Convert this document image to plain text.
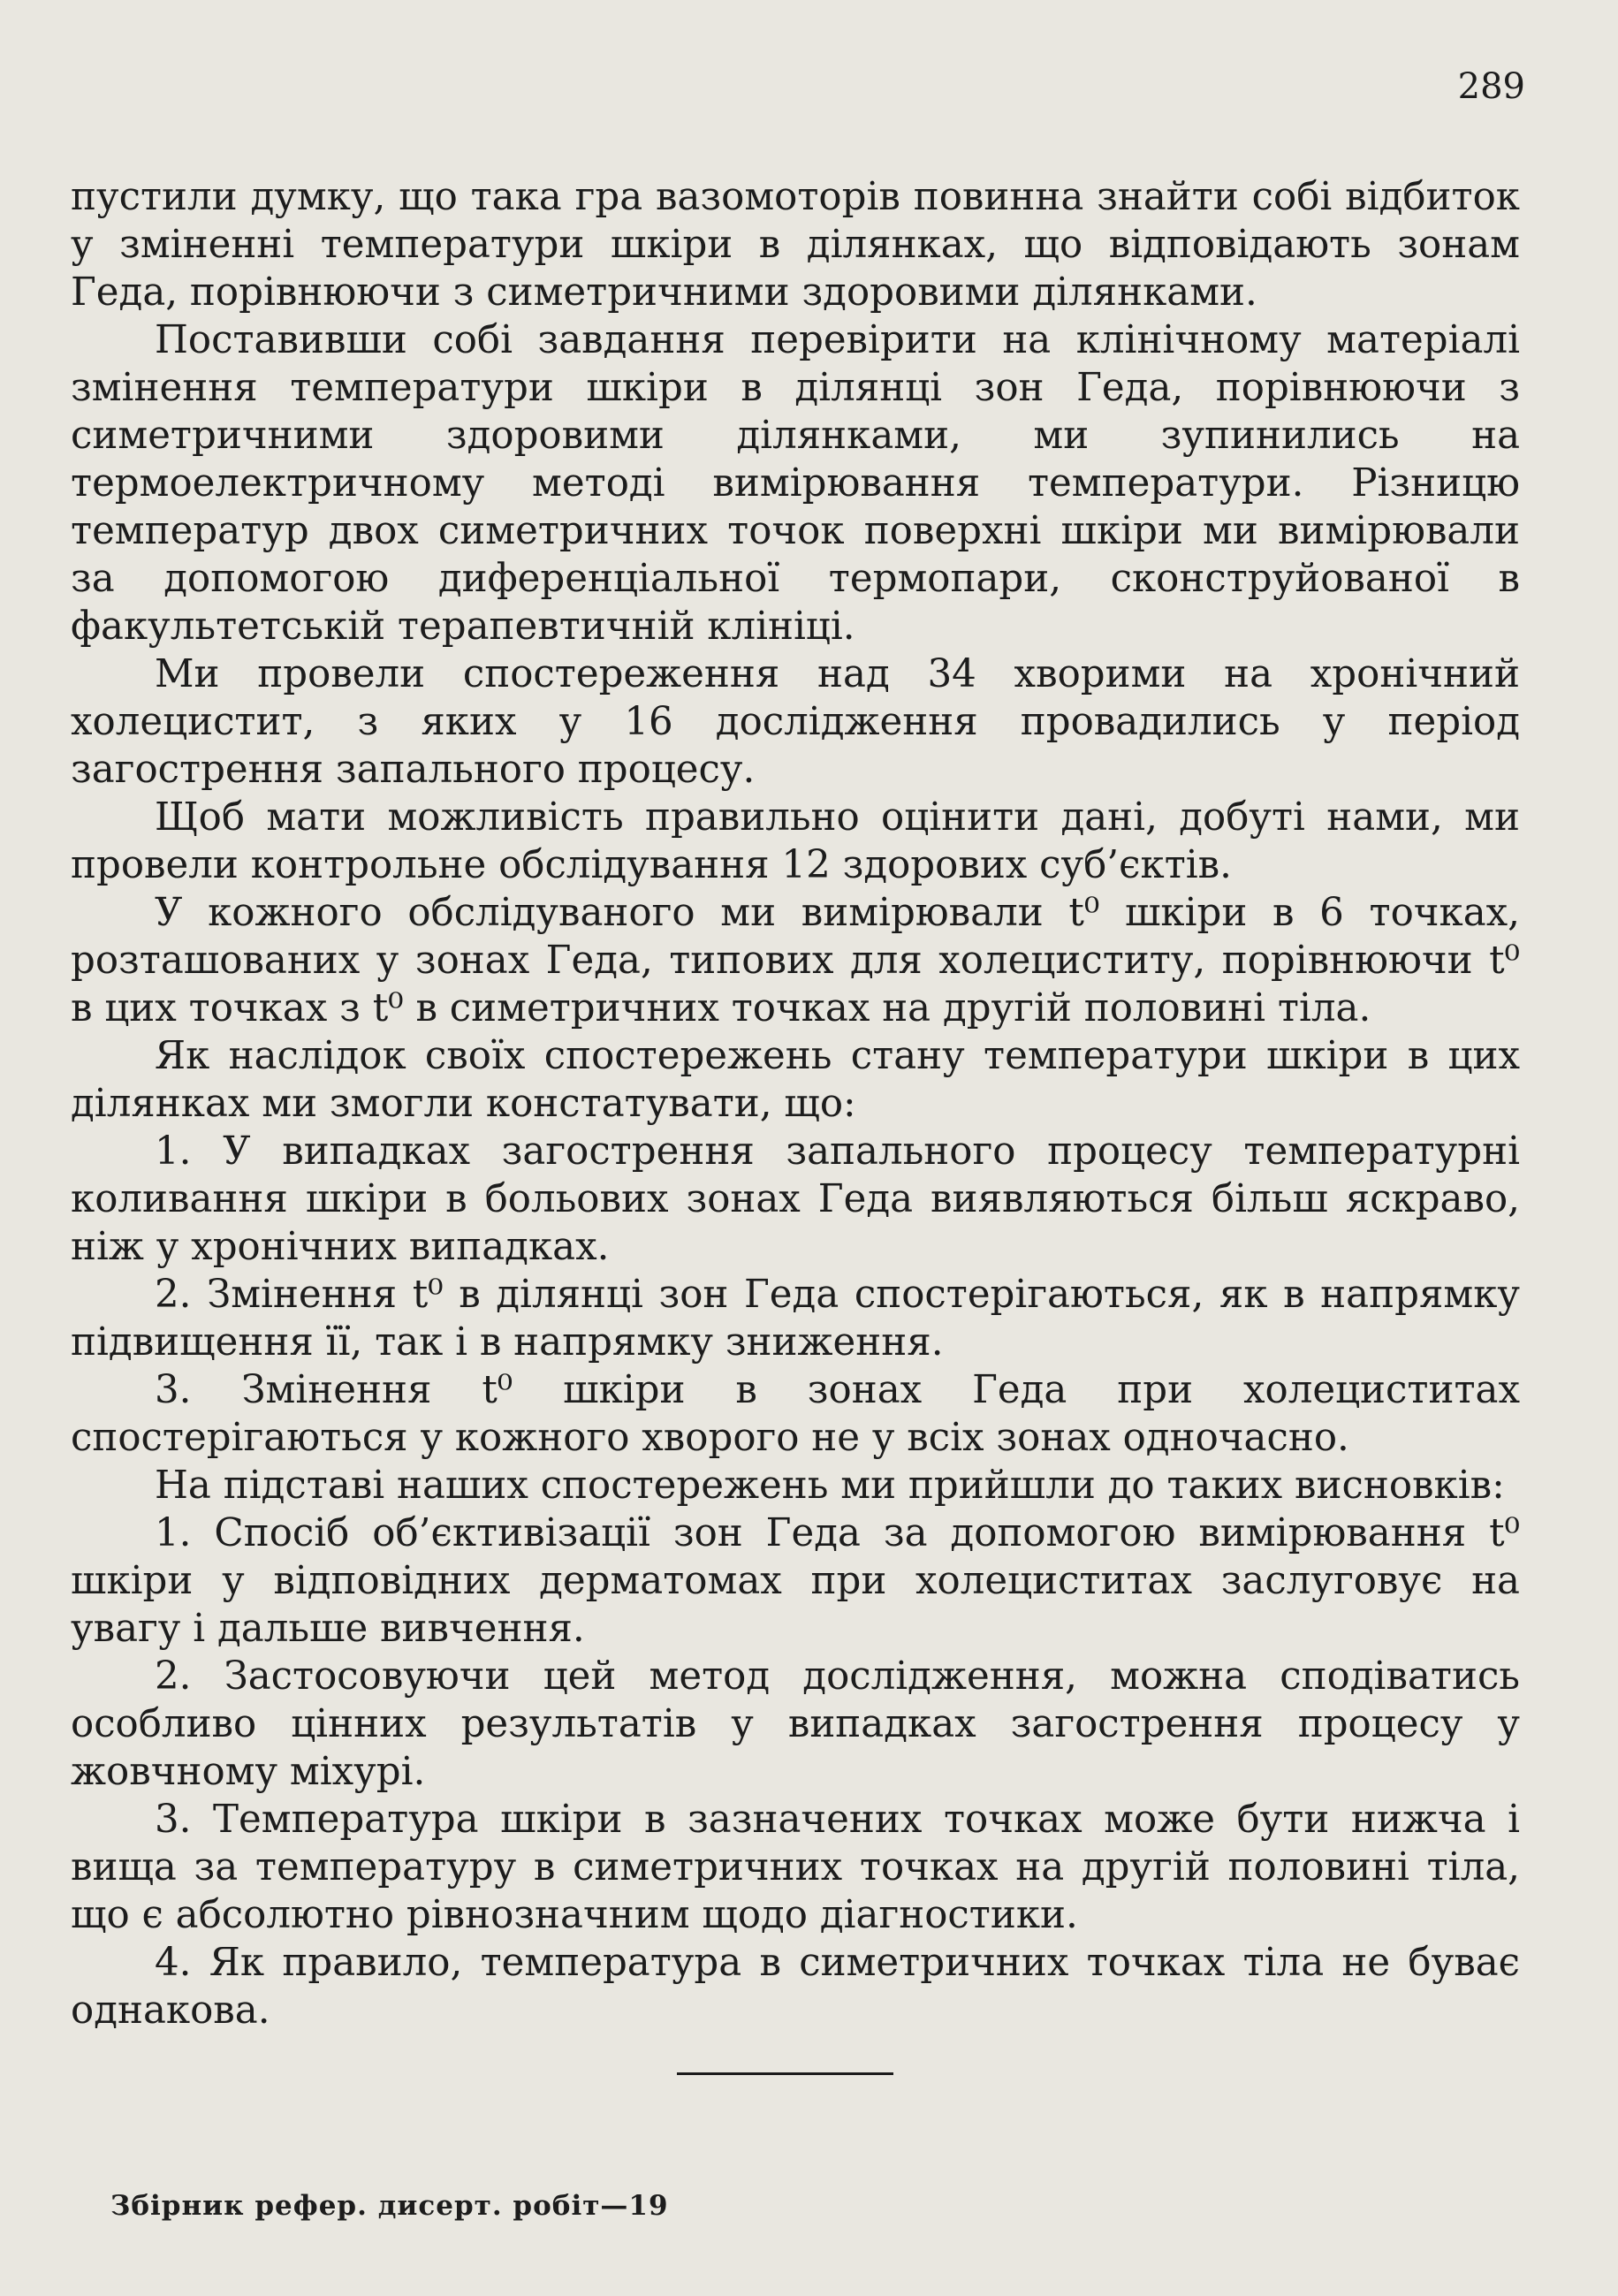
289

пустили думку, що така гра вазомоторів повинна знайти собі відбиток у зміненні температури шкіри в ділянках, що відповідають зонам Геда, порівнюючи з симетричними здоровими ділянками.

Поставивши собі завдання перевірити на клінічному матеріалі змінення температури шкіри в ділянці зон Геда, порівнюючи з симетричними здоровими ділянками, ми зупинились на термоелектричному методі вимірювання температури. Різницю температур двох симетричних точок поверхні шкіри ми вимірювали за допомогою диференціальної термопари, сконструйованої в факультетській терапевтичній клініці.

Ми провели спостереження над 34 хворими на хронічний холецистит, з яких у 16 дослідження провадились у період загострення запального процесу.

Щоб мати можливість правильно оцінити дані, добуті нами, ми провели контрольне обслідування 12 здорових суб’єктів.

У кожного обслідуваного ми вимірювали t⁰ шкіри в 6 точках, розташованих у зонах Геда, типових для холециститу, порівнюючи t⁰ в цих точках з t⁰ в симетричних точках на другій половині тіла.

Як наслідок своїх спостережень стану температури шкіри в цих ділянках ми змогли констатувати, що:

1. У випадках загострення запального процесу температурні коливання шкіри в больових зонах Геда виявляються більш яскраво, ніж у хронічних випадках.

2. Змінення t⁰ в ділянці зон Геда спостерігаються, як в напрямку підвищення її, так і в напрямку зниження.

3. Змінення t⁰ шкіри в зонах Геда при холециститах спостерігаються у кожного хворого не у всіх зонах одночасно.

На підставі наших спостережень ми прийшли до таких висновків:

1. Спосіб об’єктивізації зон Геда за допомогою вимірювання t⁰ шкіри у відповідних дерматомах при холециститах заслуговує на увагу і дальше вивчення.

2. Застосовуючи цей метод дослідження, можна сподіватись особливо цінних результатів у випадках загострення процесу у жовчному міхурі.

3. Температура шкіри в зазначених точках може бути нижча і вища за температуру в симетричних точках на другій половині тіла, що є абсолютно рівнозначним щодо діагностики.

4. Як правило, температура в симетричних точках тіла не буває однакова.

Збірник рефер. дисерт. робіт—19
